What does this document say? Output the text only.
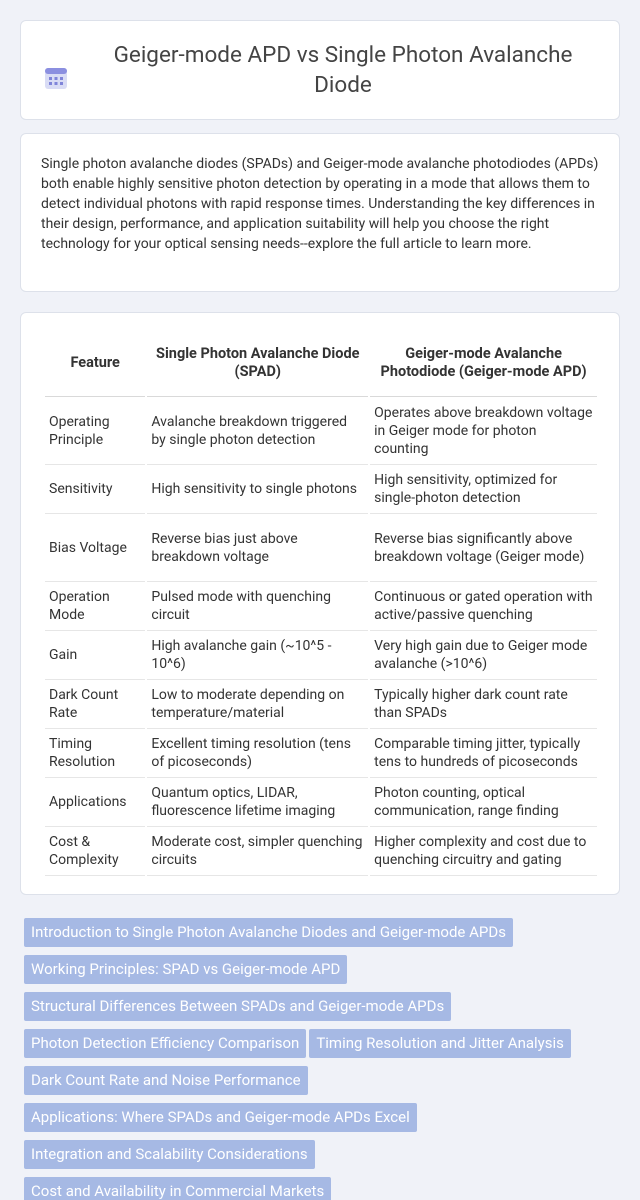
Geiger-mode APD vs Single Photon Avalanche Diode

Single photon avalanche diodes (SPADs) and Geiger-mode avalanche photodiodes (APDs) both enable highly sensitive photon detection by operating in a mode that allows them to detect individual photons with rapid response times. Understanding the key differences in their design, performance, and application suitability will help you choose the right technology for your optical sensing needs--explore the full article to learn more.

Feature	Single Photon Avalanche Diode (SPAD)	Geiger-mode Avalanche Photodiode (Geiger-mode APD)
Operating Principle	Avalanche breakdown triggered by single photon detection	Operates above breakdown voltage in Geiger mode for photon counting
Sensitivity	High sensitivity to single photons	High sensitivity, optimized for single-photon detection
Bias Voltage	Reverse bias just above breakdown voltage	Reverse bias significantly above breakdown voltage (Geiger mode)
Operation Mode	Pulsed mode with quenching circuit	Continuous or gated operation with active/passive quenching
Gain	High avalanche gain (~10^5 - 10^6)	Very high gain due to Geiger mode avalanche (>10^6)
Dark Count Rate	Low to moderate depending on temperature/material	Typically higher dark count rate than SPADs
Timing Resolution	Excellent timing resolution (tens of picoseconds)	Comparable timing jitter, typically tens to hundreds of picoseconds
Applications	Quantum optics, LIDAR, fluorescence lifetime imaging	Photon counting, optical communication, range finding
Cost & Complexity	Moderate cost, simpler quenching circuits	Higher complexity and cost due to quenching circuitry and gating
Introduction to Single Photon Avalanche Diodes and Geiger-mode APDs
Working Principles: SPAD vs Geiger-mode APD
Structural Differences Between SPADs and Geiger-mode APDs
Photon Detection Efficiency Comparison Timing Resolution and Jitter Analysis
Dark Count Rate and Noise Performance
Applications: Where SPADs and Geiger-mode APDs Excel
Integration and Scalability Considerations
Cost and Availability in Commercial Markets
